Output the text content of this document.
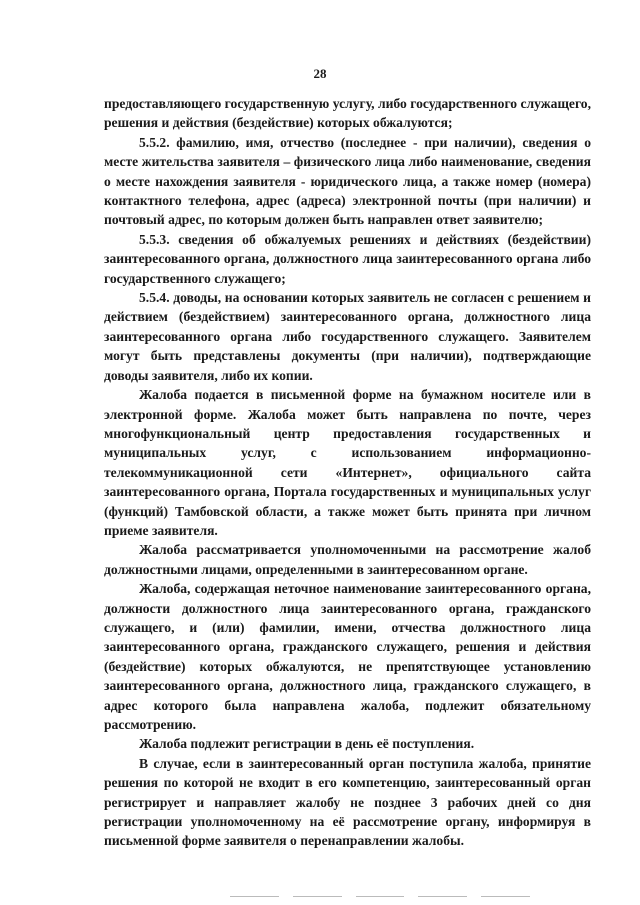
28

предоставляющего государственную услугу, либо государственного служащего, решения и действия (бездействие) которых обжалуются;

5.5.2. фамилию, имя, отчество (последнее - при наличии), сведения о месте жительства заявителя – физического лица либо наименование, сведения о месте нахождения заявителя - юридического лица, а также номер (номера) контактного телефона, адрес (адреса) электронной почты (при наличии) и почтовый адрес, по которым должен быть направлен ответ заявителю;

5.5.3. сведения об обжалуемых решениях и действиях (бездействии) заинтересованного органа, должностного лица заинтересованного органа либо государственного служащего;

5.5.4. доводы, на основании которых заявитель не согласен с решением и действием (бездействием) заинтересованного органа, должностного лица заинтересованного органа либо государственного служащего. Заявителем могут быть представлены документы (при наличии), подтверждающие доводы заявителя, либо их копии.

Жалоба подается в письменной форме на бумажном носителе или в электронной форме. Жалоба может быть направлена по почте, через многофункциональный центр предоставления государственных и муниципальных услуг, с использованием информационно-телекоммуникационной сети «Интернет», официального сайта заинтересованного органа, Портала государственных и муниципальных услуг (функций) Тамбовской области, а также может быть принята при личном приеме заявителя.

Жалоба рассматривается уполномоченными на рассмотрение жалоб должностными лицами, определенными в заинтересованном органе.

Жалоба, содержащая неточное наименование заинтересованного органа, должности должностного лица заинтересованного органа, гражданского служащего, и (или) фамилии, имени, отчества должностного лица заинтересованного органа, гражданского служащего, решения и действия (бездействие) которых обжалуются, не препятствующее установлению заинтересованного органа, должностного лица, гражданского служащего, в адрес которого была направлена жалоба, подлежит обязательному рассмотрению.

Жалоба подлежит регистрации в день её поступления.

В случае, если в заинтересованный орган поступила жалоба, принятие решения по которой не входит в его компетенцию, заинтересованный орган регистрирует и направляет жалобу не позднее 3 рабочих дней со дня регистрации уполномоченному на её рассмотрение органу, информируя в письменной форме заявителя о перенаправлении жалобы.
